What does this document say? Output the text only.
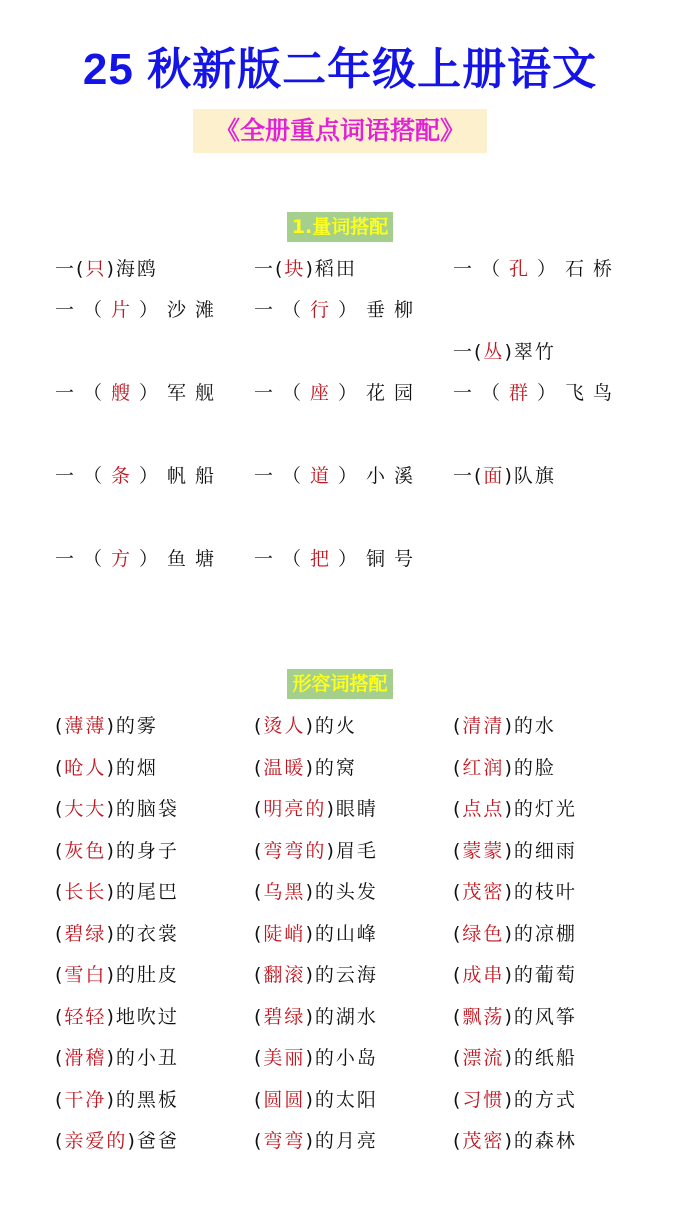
25 秋新版二年级上册语文
《全册重点词语搭配》
1.量词搭配
一(只)海鸥	一(块)稻田	一（孔）石桥
一（片）沙滩 一（行）垂柳
一(丛)翠竹
一（艘）军舰 一（座）花园 一（群）飞鸟
一（条）帆船 一（道）小溪 一(面)队旗
一（方）鱼塘 一（把）铜号
形容词搭配
(薄薄)的雾	(烫人)的火	(清清)的水
(呛人)的烟	(温暖)的窝	(红润)的脸
(大大)的脑袋	(明亮的)眼睛	(点点)的灯光
(灰色)的身子	(弯弯的)眉毛	(蒙蒙)的细雨
(长长)的尾巴	(乌黑)的头发	(茂密)的枝叶
(碧绿)的衣裳	(陡峭)的山峰	(绿色)的凉棚
(雪白)的肚皮	(翻滚)的云海	(成串)的葡萄
(轻轻)地吹过	(碧绿)的湖水	(飘荡)的风筝
(滑稽)的小丑	(美丽)的小岛	(漂流)的纸船
(干净)的黑板	(圆圆)的太阳	(习惯)的方式
(亲爱的)爸爸	(弯弯)的月亮	(茂密)的森林
